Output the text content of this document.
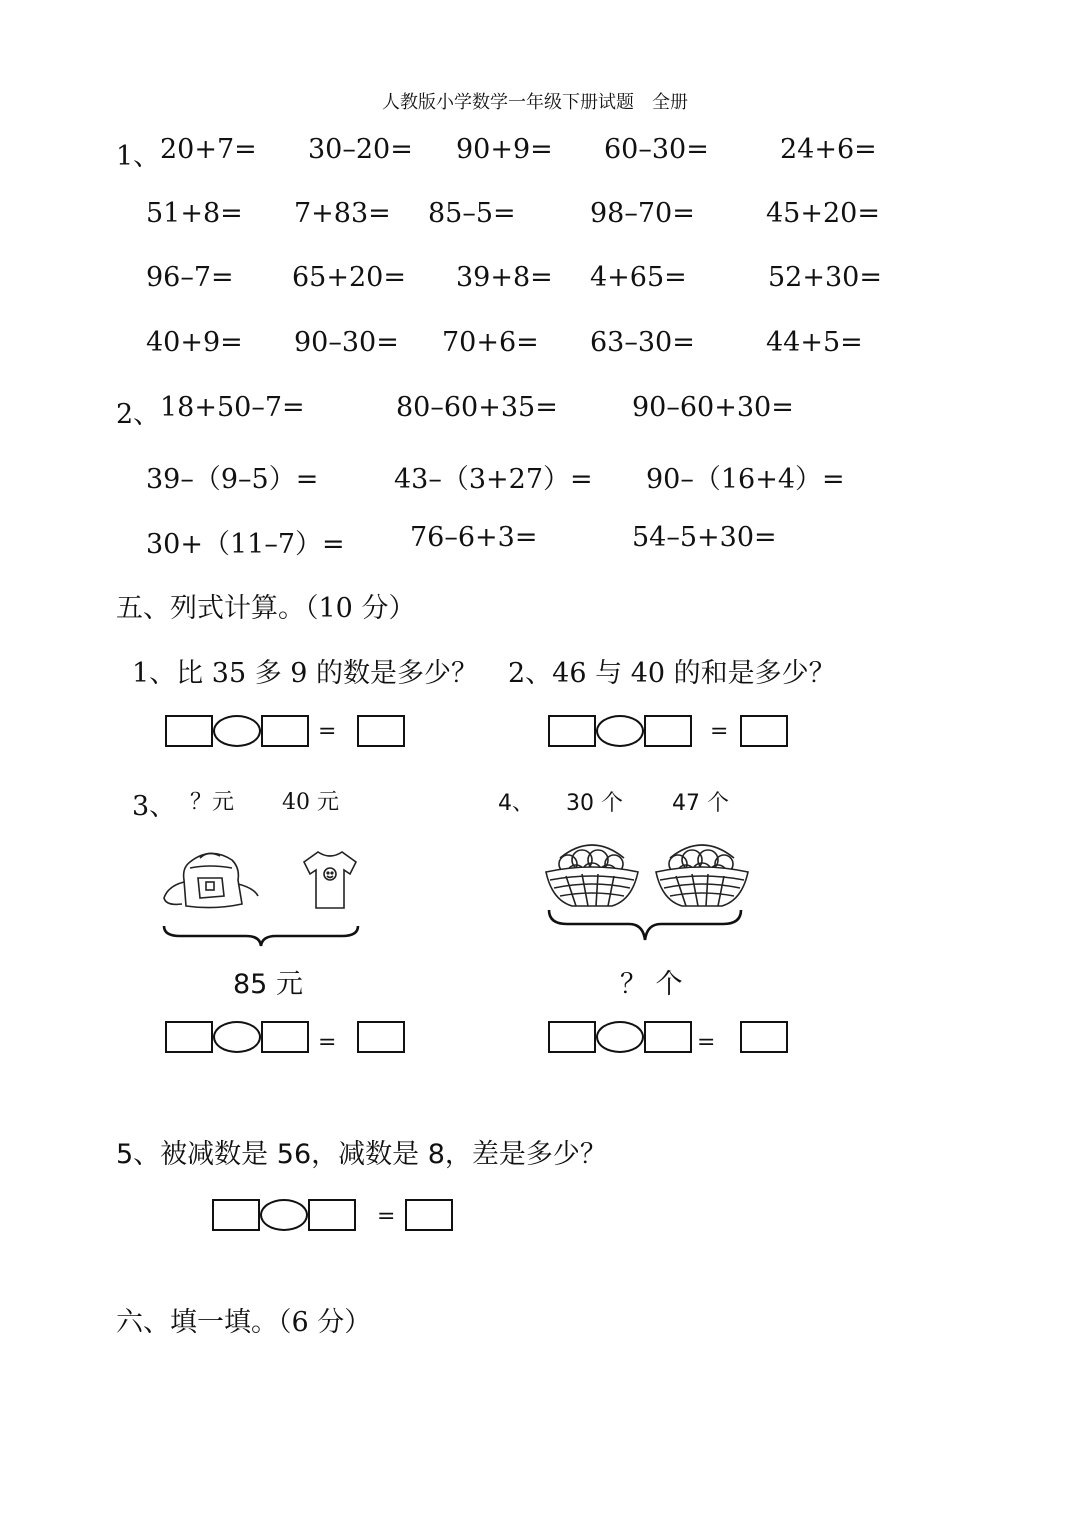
人教版小学数学一年级下册试题　全册
1、 20+7= 30–20= 90+9= 60–30=	24+6=
51+8= 7+83= 85–5=	98–70=	45+20=
96–7= 65+20= 39+8= 4+65=	52+30=
40+9= 90–30= 70+6= 63–30=	44+5=
2、 18+50–7=	80–60+35=	90–60+30=
39–（9–5）=	43–（3+27）= 90–（16+4）=
30+（11–7）= 76–6+3=	54–5+30=
五、列式计算。（10 分）
1、比 35 多 9 的数是多少？ 2、46 与 40 的和是多少？
=	=
3、 ？元 40 元	4、 30 个 47 个
85 元	？ 个
=	=
5、被减数是 56，减数是 8，差是多少？
=
六、填一填。（6 分）
